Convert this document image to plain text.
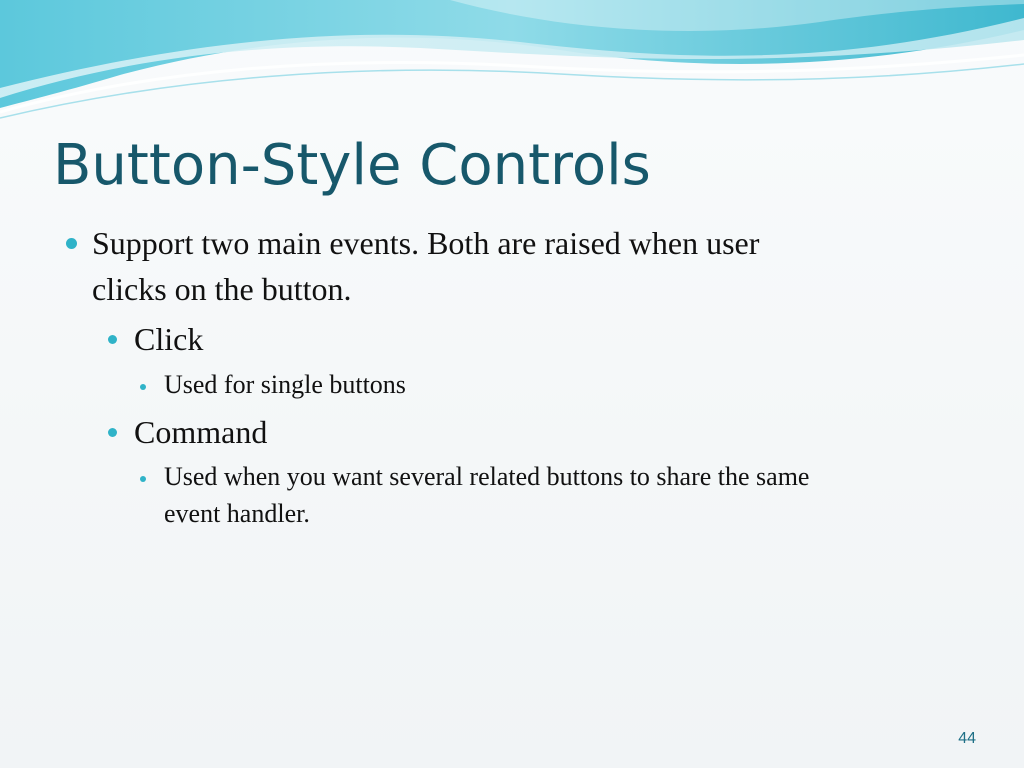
Button-Style Controls
Support two main events. Both are raised when user
clicks on the button.
Click
Used for single buttons
Command
Used when you want several related buttons to share the same
event handler.
44
